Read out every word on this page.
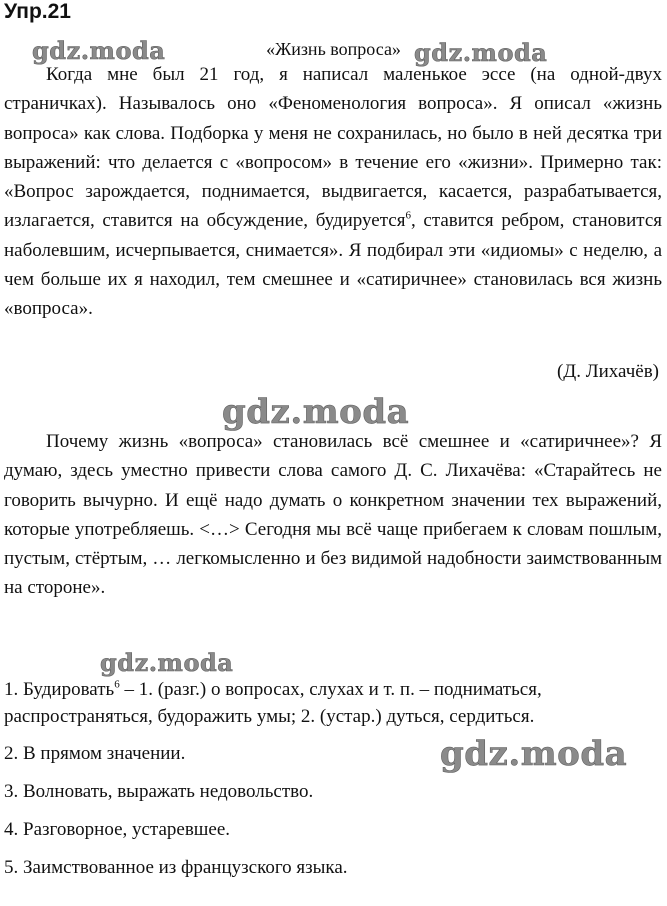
Упр.21
«Жизнь вопроса»

Когда мне был 21 год, я написал маленькое эссе (на одной-двух страничках). Называлось оно «Феноменология вопроса». Я описал «жизнь вопроса» как слова. Подборка у меня не сохранилась, но было в ней десятка три выражений: что делается с «вопросом» в течение его «жизни». Примерно так: «Вопрос зарождается, поднимается, выдвигается, касается, разрабатывается, излагается, ставится на обсуждение, будируется$^6$, ставится ребром, становится наболевшим, исчерпывается, снимается». Я подбирал эти «идиомы» с неделю, а чем больше их я находил, тем смешнее и «сатиричнее» становилась вся жизнь «вопроса».

(Д. Лихачёв)

Почему жизнь «вопроса» становилась всё смешнее и «сатиричнее»? Я думаю, здесь уместно привести слова самого Д. С. Лихачёва: «Старайтесь не говорить вычурно. И ещё надо думать о конкретном значении тех выражений, которые употребляешь. <…> Сегодня мы всё чаще прибегаем к словам пошлым, пустым, стёртым, … легкомысленно и без видимой надобности заимствованным на стороне».

1. Будировать$^6$ – 1. (разг.) о вопросах, слухах и т. п. – подниматься, распространяться, будоражить умы; 2. (устар.) дуться, сердиться.
2. В прямом значении.
3. Волновать, выражать недовольство.
4. Разговорное, устаревшее.
5. Заимствованное из французского языка.
gdz.moda	gdz.moda
gdz.moda
gdz.moda
gdz.moda
